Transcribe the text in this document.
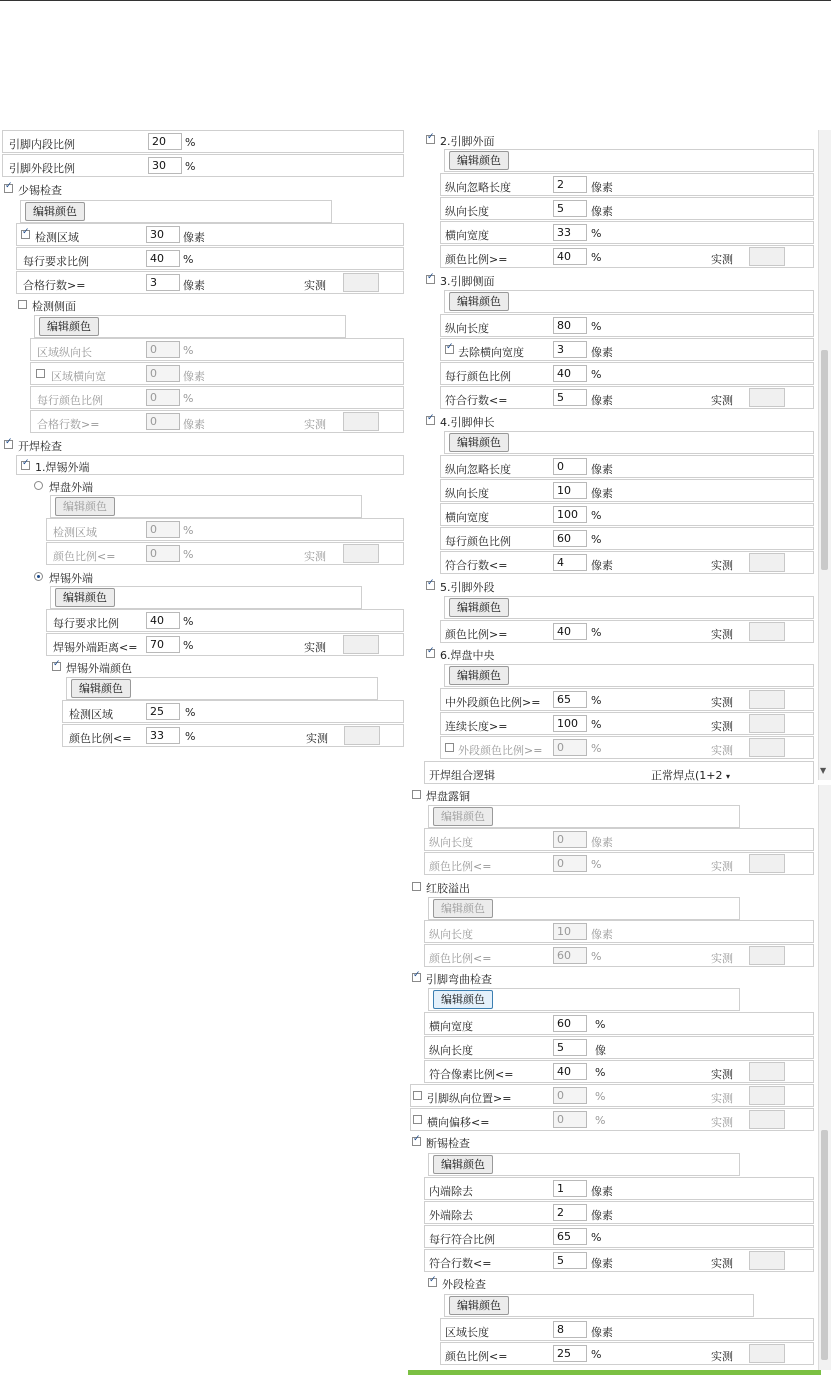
引脚内段比例	20	%
引脚外段比例	30	%
✓
少锡检查
编辑颜色
✓
检测区域	30	像素
每行要求比例	40	%
合格行数>=	3	像素	实测
检测侧面
编辑颜色
区域纵向长	0	%
区域横向宽	0	像素
每行颜色比例	0	%
合格行数>=	0	像素	实测
✓
开焊检查
✓
1.焊锡外端
焊盘外端
编辑颜色
检测区域	0	%
颜色比例<=	0	%	实测
焊锡外端
编辑颜色
每行要求比例	40	%
焊锡外端距离<=	70	%	实测
✓
焊锡外端颜色
编辑颜色
检测区域	25	%
颜色比例<=	33	%	实测
✓
2.引脚外面
编辑颜色
纵向忽略长度	2	像素
纵向长度	5	像素
横向宽度	33	%
颜色比例>=	40	%	实测
✓
3.引脚侧面
编辑颜色
纵向长度	80	%
✓
去除横向宽度	3	像素
每行颜色比例	40	%
符合行数<=	5	像素	实测
✓
4.引脚伸长
编辑颜色
纵向忽略长度	0	像素
纵向长度	10	像素
横向宽度	100	%
每行颜色比例	60	%
符合行数<=	4	像素	实测
✓
5.引脚外段
编辑颜色
颜色比例>=	40	%	实测
✓
6.焊盘中央
编辑颜色
中外段颜色比例>=	65	%	实测
连续长度>=	100	%	实测
外段颜色比例>=	0	%	实测
开焊组合逻辑	正常焊点(1+2 ▾
焊盘露铜
编辑颜色
纵向长度	0	像素
颜色比例<=	0	%	实测
红胶溢出
编辑颜色
纵向长度	10	像素
颜色比例<=	60	%	实测
✓
引脚弯曲检查
编辑颜色
横向宽度	60	%
纵向长度	5	像
符合像素比例<=	40	%	实测
引脚纵向位置>=	0	%	实测
横向偏移<=	0	%	实测
✓
断锡检查
编辑颜色
内端除去	1	像素
外端除去	2	像素
每行符合比例	65	%
符合行数<=	5	像素	实测
✓
外段检查
编辑颜色
区域长度	8	像素
颜色比例<=	25	%	实测
▼
